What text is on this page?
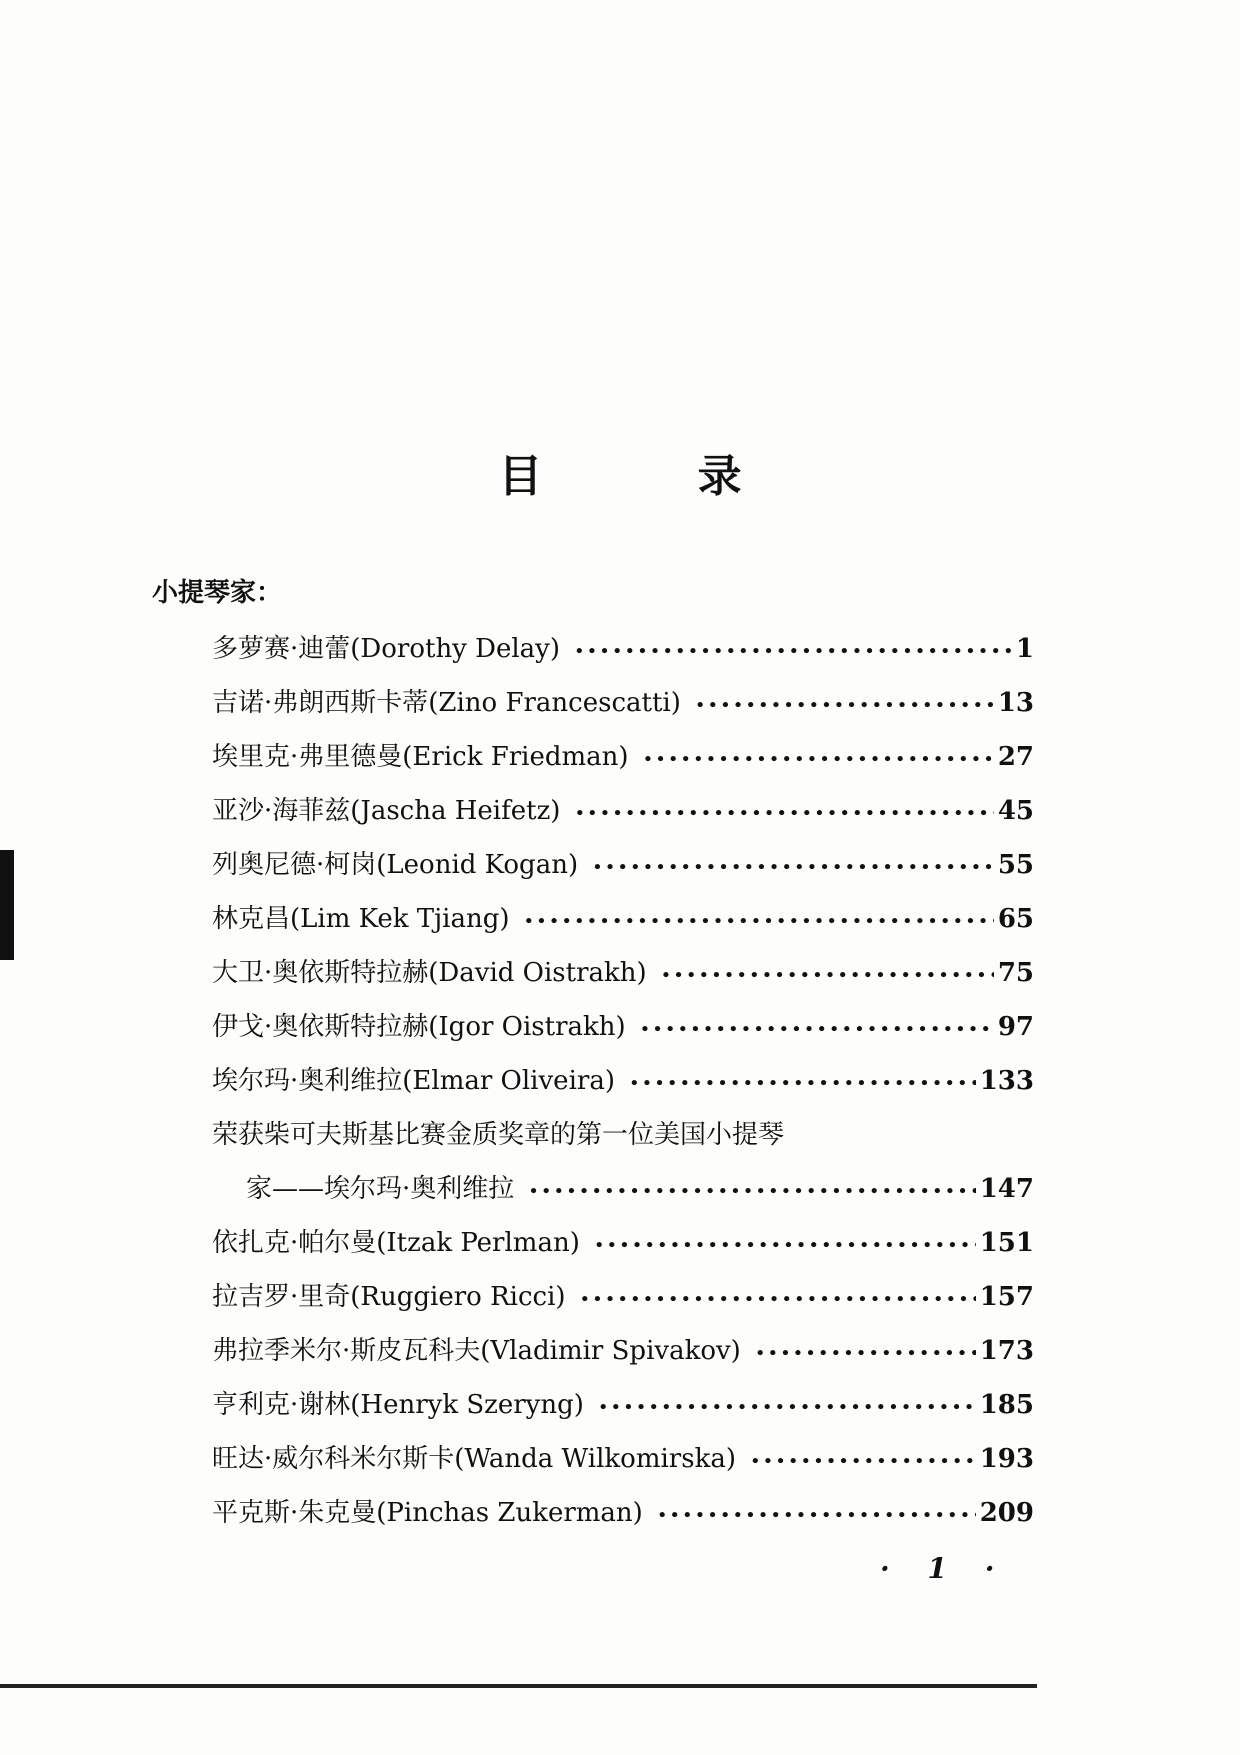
目 录
小提琴家：
多萝赛·迪蕾(Dorothy Delay) •••••	1
吉诺·弗朗西斯卡蒂(Zino Francescatti) •••••	13
埃里克·弗里德曼(Erick Friedman) •••••	27
亚沙·海菲兹(Jascha Heifetz) •••••	45
列奥尼德·柯岗(Leonid Kogan) •••••	55
林克昌(Lim Kek Tjiang) •••••	65
大卫·奥依斯特拉赫(David Oistrakh) •••••	75
伊戈·奥依斯特拉赫(Igor Oistrakh) •••••	97
埃尔玛·奥利维拉(Elmar Oliveira) •••••	133
荣获柴可夫斯基比赛金质奖章的第一位美国小提琴
家——埃尔玛·奥利维拉 •••••	147
依扎克·帕尔曼(Itzak Perlman) •••••	151
拉吉罗·里奇(Ruggiero Ricci) •••••	157
弗拉季米尔·斯皮瓦科夫(Vladimir Spivakov) •••••	173
亨利克·谢林(Henryk Szeryng) •••••	185
旺达·威尔科米尔斯卡(Wanda Wilkomirska) •••••	193
平克斯·朱克曼(Pinchas Zukerman) •••••	209
· 1 ·
